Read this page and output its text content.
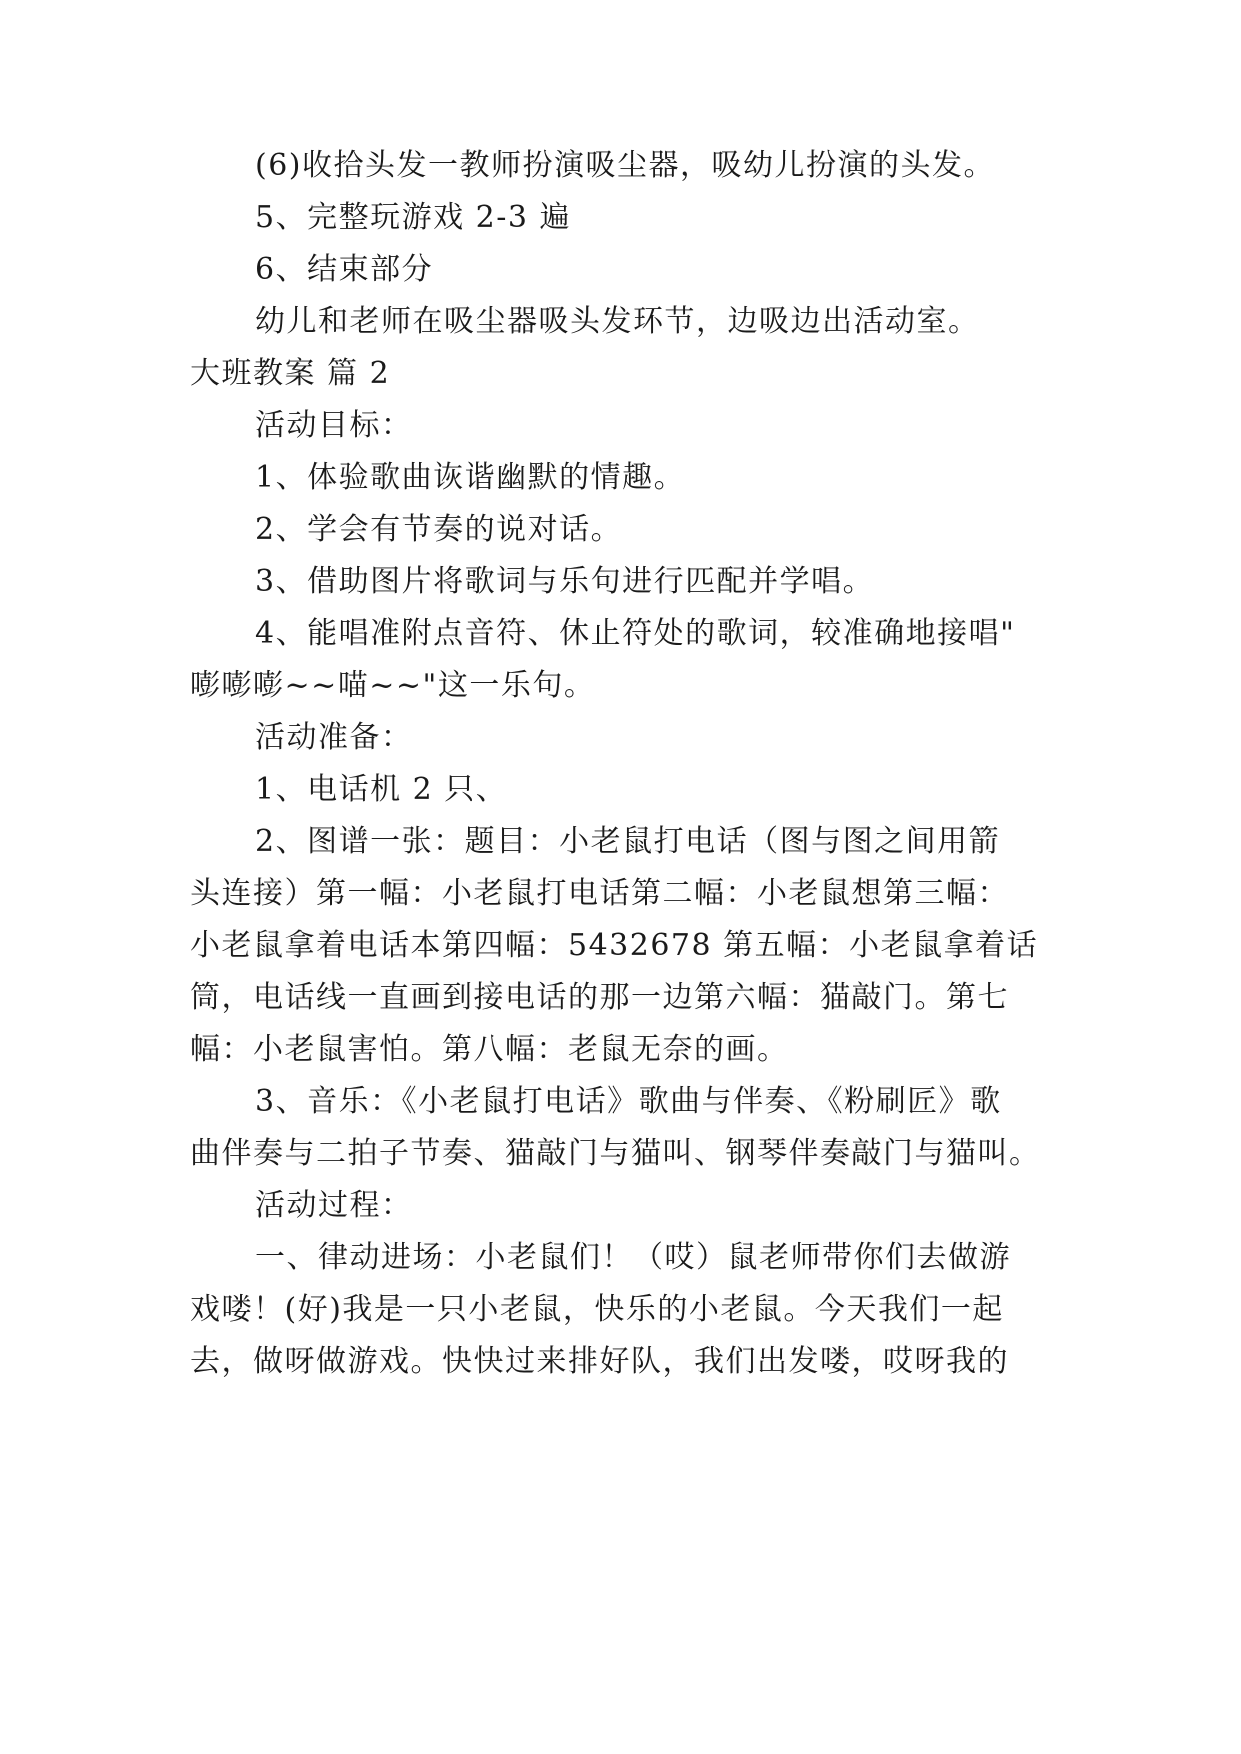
(6)收拾头发一教师扮演吸尘器，吸幼儿扮演的头发。
5、完整玩游戏 2-3 遍
6、结束部分
幼儿和老师在吸尘器吸头发环节，边吸边出活动室。
大班教案 篇 2
活动目标：
1、体验歌曲诙谐幽默的情趣。
2、学会有节奏的说对话。
3、借助图片将歌词与乐句进行匹配并学唱。
4、能唱准附点音符、休止符处的歌词，较准确地接唱"
嘭嘭嘭~~喵~~"这一乐句。
活动准备：
1、电话机 2 只、
2、图谱一张：题目：小老鼠打电话（图与图之间用箭
头连接）第一幅：小老鼠打电话第二幅：小老鼠想第三幅：
小老鼠拿着电话本第四幅：5432678 第五幅：小老鼠拿着话
筒，电话线一直画到接电话的那一边第六幅：猫敲门。第七
幅：小老鼠害怕。第八幅：老鼠无奈的画。
3、音乐：《小老鼠打电话》歌曲与伴奏、《粉刷匠》歌
曲伴奏与二拍子节奏、猫敲门与猫叫、钢琴伴奏敲门与猫叫。
活动过程：
一、律动进场：小老鼠们！（哎）鼠老师带你们去做游
戏喽！(好)我是一只小老鼠，快乐的小老鼠。今天我们一起
去，做呀做游戏。快快过来排好队，我们出发喽，哎呀我的
